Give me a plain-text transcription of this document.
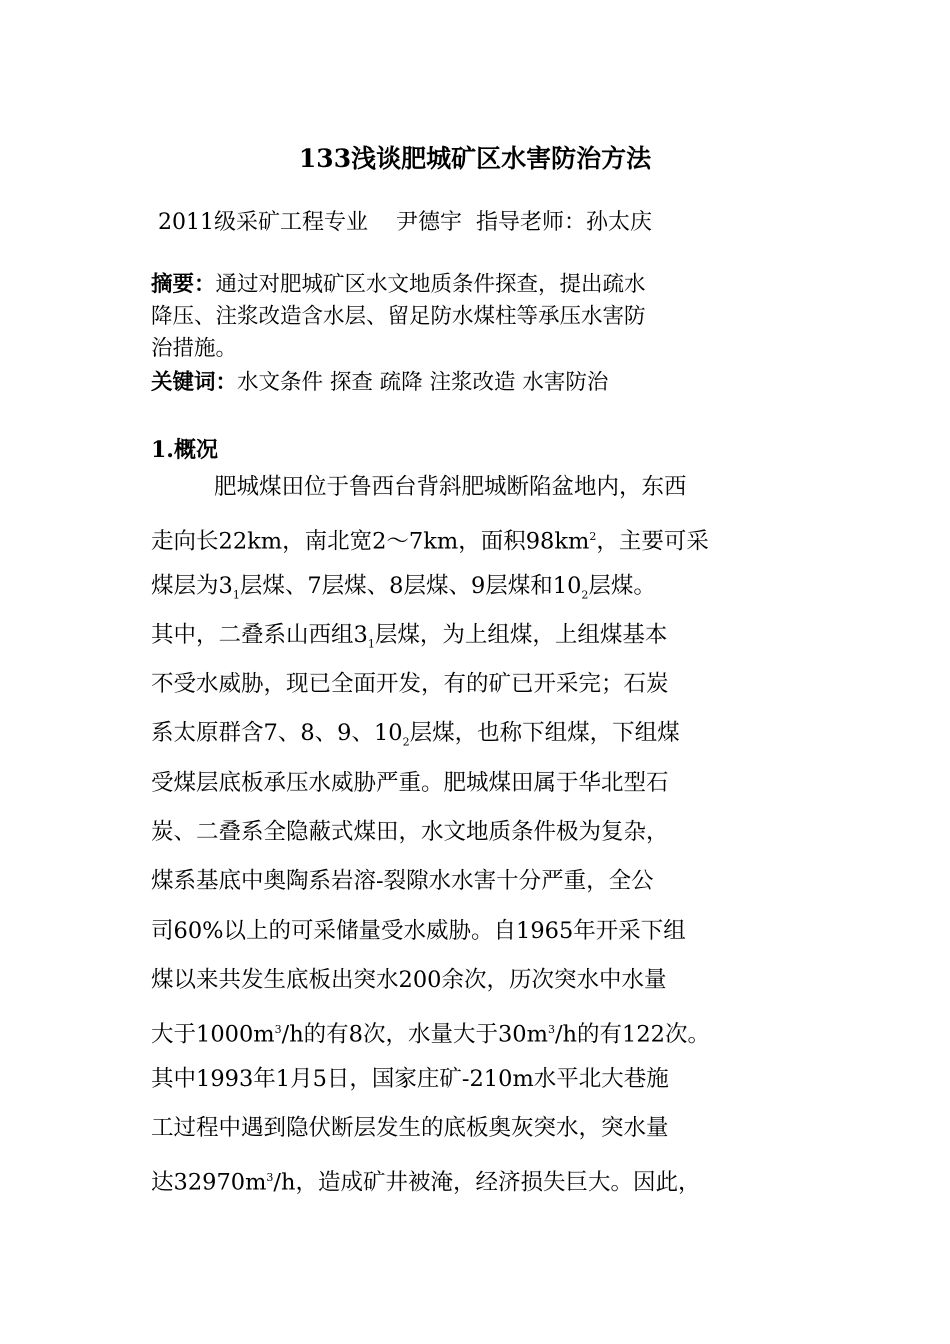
133浅谈肥城矿区水害防治方法
2011级采矿工程专业    尹德宇  指导老师：孙太庆
摘要：通过对肥城矿区水文地质条件探查，提出疏水
降压、注浆改造含水层、留足防水煤柱等承压水害防
治措施。
关键词：水文条件 探查 疏降 注浆改造 水害防治
1.概况
肥城煤田位于鲁西台背斜肥城断陷盆地内，东西
走向长22km，南北宽2～7km，面积$98km^2$，主要可采
煤层为$3_1$层煤、7层煤、8层煤、9层煤和$10_2$层煤。
其中，二叠系山西组$3_1$层煤，为上组煤，上组煤基本
不受水威胁，现已全面开发，有的矿已开采完；石炭
系太原群含7、8、9、$10_2$层煤，也称下组煤，下组煤
受煤层底板承压水威胁严重。肥城煤田属于华北型石
炭、二叠系全隐蔽式煤田，水文地质条件极为复杂，
煤系基底中奥陶系岩溶-裂隙水水害十分严重，全公
司60%以上的可采储量受水威胁。自1965年开采下组
煤以来共发生底板出突水200余次，历次突水中水量
大于$1000m^3/h$的有8次，水量大于$30m^3/h$的有122次。
其中1993年1月5日，国家庄矿-210m水平北大巷施
工过程中遇到隐伏断层发生的底板奥灰突水，突水量
达$32970m^3/h$，造成矿井被淹，经济损失巨大。因此，
